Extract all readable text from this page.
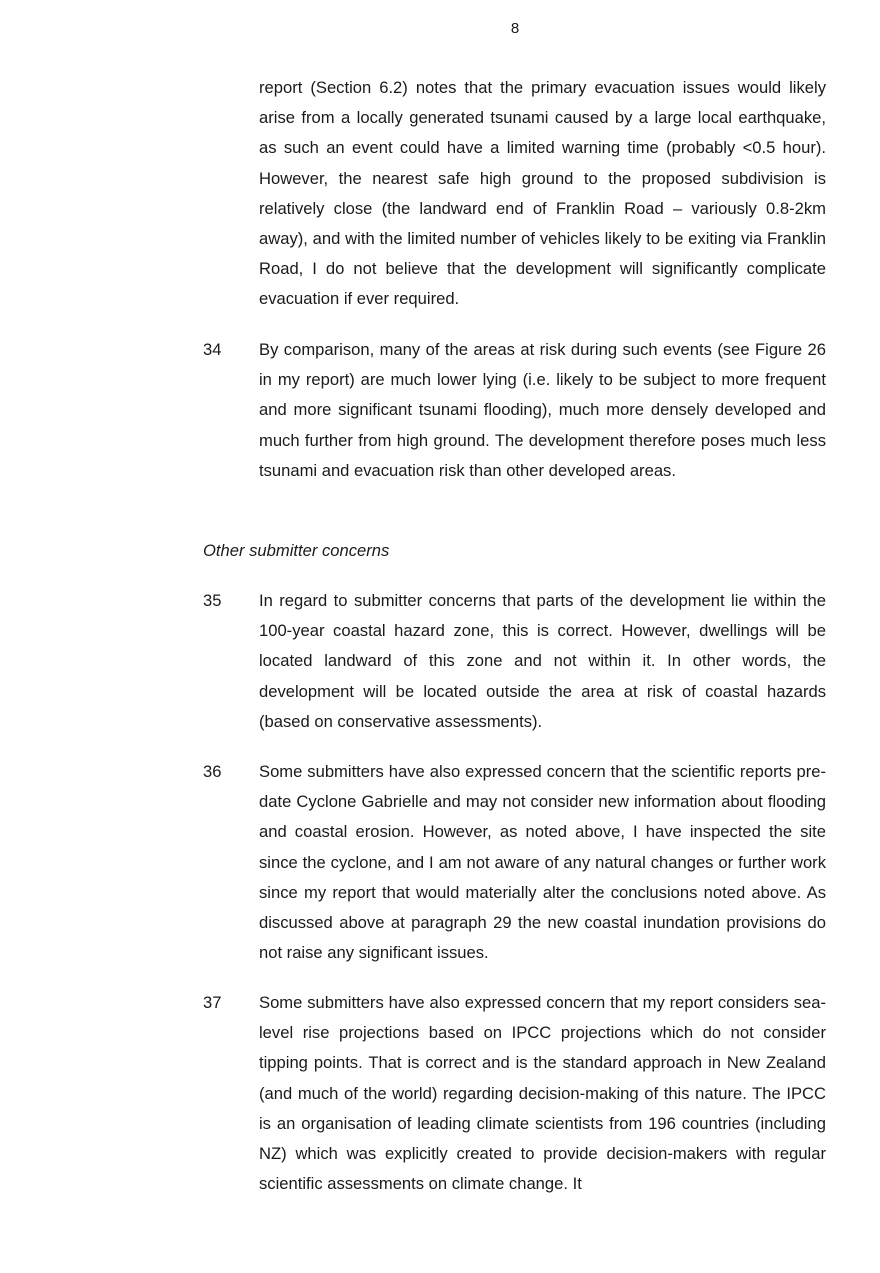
8
report (Section 6.2) notes that the primary evacuation issues would likely arise from a locally generated tsunami caused by a large local earthquake, as such an event could have a limited warning time (probably <0.5 hour). However, the nearest safe high ground to the proposed subdivision is relatively close (the landward end of Franklin Road – variously 0.8-2km away), and with the limited number of vehicles likely to be exiting via Franklin Road, I do not believe that the development will significantly complicate evacuation if ever required.
34 By comparison, many of the areas at risk during such events (see Figure 26 in my report) are much lower lying (i.e. likely to be subject to more frequent and more significant tsunami flooding), much more densely developed and much further from high ground. The development therefore poses much less tsunami and evacuation risk than other developed areas.
Other submitter concerns
35 In regard to submitter concerns that parts of the development lie within the 100-year coastal hazard zone, this is correct. However, dwellings will be located landward of this zone and not within it. In other words, the development will be located outside the area at risk of coastal hazards (based on conservative assessments).
36 Some submitters have also expressed concern that the scientific reports pre-date Cyclone Gabrielle and may not consider new information about flooding and coastal erosion. However, as noted above, I have inspected the site since the cyclone, and I am not aware of any natural changes or further work since my report that would materially alter the conclusions noted above. As discussed above at paragraph 29 the new coastal inundation provisions do not raise any significant issues.
37 Some submitters have also expressed concern that my report considers sea-level rise projections based on IPCC projections which do not consider tipping points. That is correct and is the standard approach in New Zealand (and much of the world) regarding decision-making of this nature. The IPCC is an organisation of leading climate scientists from 196 countries (including NZ) which was explicitly created to provide decision-makers with regular scientific assessments on climate change. It
